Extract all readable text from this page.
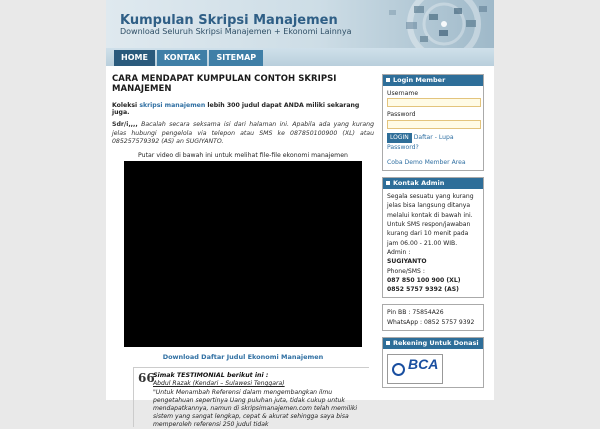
Kumpulan Skripsi Manajemen
Download Seluruh Skripsi Manajemen + Ekonomi Lainnya
HOME	KONTAK	SITEMAP
CARA MENDAPAT KUMPULAN CONTOH SKRIPSI MANAJEMEN

Koleksi skripsi manajemen lebih 300 judul dapat ANDA miliki sekarang juga.

Sdr/i,,,, Bacalah secara seksama isi dari halaman ini. Apabila ada yang kurang jelas hubungi pengelola via telepon atau SMS ke 087850100900 (XL) atau 085257579392 (AS) an SUGIYANTO.

Putar video di bawah ini untuk melihat file-file ekonomi manajemen
Download Daftar Judul Ekonomi Manajemen
66
Simak TESTIMONIAL berikut ini :
Abdul Razak (Kendari – Sulawesi Tenggara)
"Untuk Menambah Referensi dalam mengembangkan ilmu pengetahuan sepertinya Uang puluhan juta, tidak cukup untuk mendapatkannya, namun di skripsimanajemen.com telah memiliki sistem yang sangat lengkap, cepat & akurat sehingga saya bisa memperoleh referensi 250 judul tidak
Login Member
Username
Password
LOGIN Daftar - Lupa Password?
Coba Demo Member Area
Kontak Admin
Segala sesuatu yang kurang jelas bisa langsung ditanya melalui kontak di bawah ini. Untuk SMS respon/jawaban kurang dari 10 menit pada jam 06.00 - 21.00 WIB.
Admin :
SUGIYANTO
Phone/SMS :
087 850 100 900 (XL)
0852 5757 9392 (AS)
Pin BB : 75854A26
WhatsApp : 0852 5757 9392
Rekening Untuk Donasi
BCA
